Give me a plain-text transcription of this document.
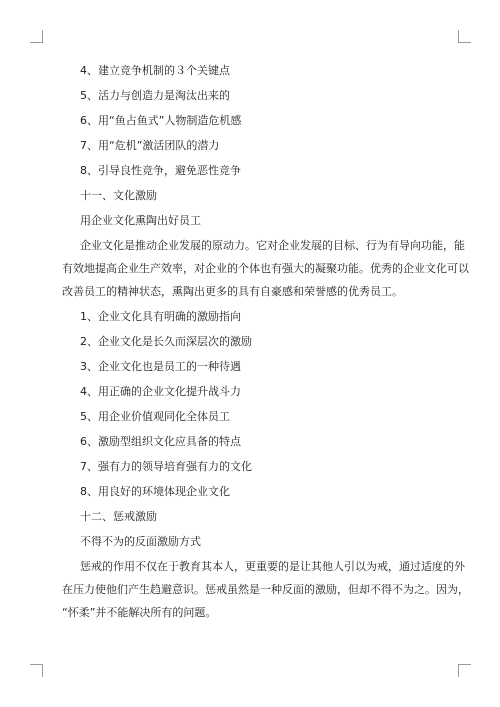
4、建立竞争机制的３个关键点
5、活力与创造力是淘汰出来的
6、用“鱼占鱼式”人物制造危机感
7、用“危机”激活团队的潜力
8、引导良性竞争，避免恶性竞争
十一、文化激励
用企业文化熏陶出好员工
企业文化是推动企业发展的原动力。它对企业发展的目标、行为有导向功能，能
有效地提高企业生产效率，对企业的个体也有强大的凝聚功能。优秀的企业文化可以
改善员工的精神状态，熏陶出更多的具有自豪感和荣誉感的优秀员工。
1、企业文化具有明确的激励指向
2、企业文化是长久而深层次的激励
3、企业文化也是员工的一种待遇
4、用正确的企业文化提升战斗力
5、用企业价值观同化全体员工
6、激励型组织文化应具备的特点
7、强有力的领导培育强有力的文化
8、用良好的环境体现企业文化
十二、惩戒激励
不得不为的反面激励方式
惩戒的作用不仅在于教育其本人，更重要的是让其他人引以为戒，通过适度的外
在压力使他们产生趋避意识。惩戒虽然是一种反面的激励，但却不得不为之。因为，
“怀柔”并不能解决所有的问题。
